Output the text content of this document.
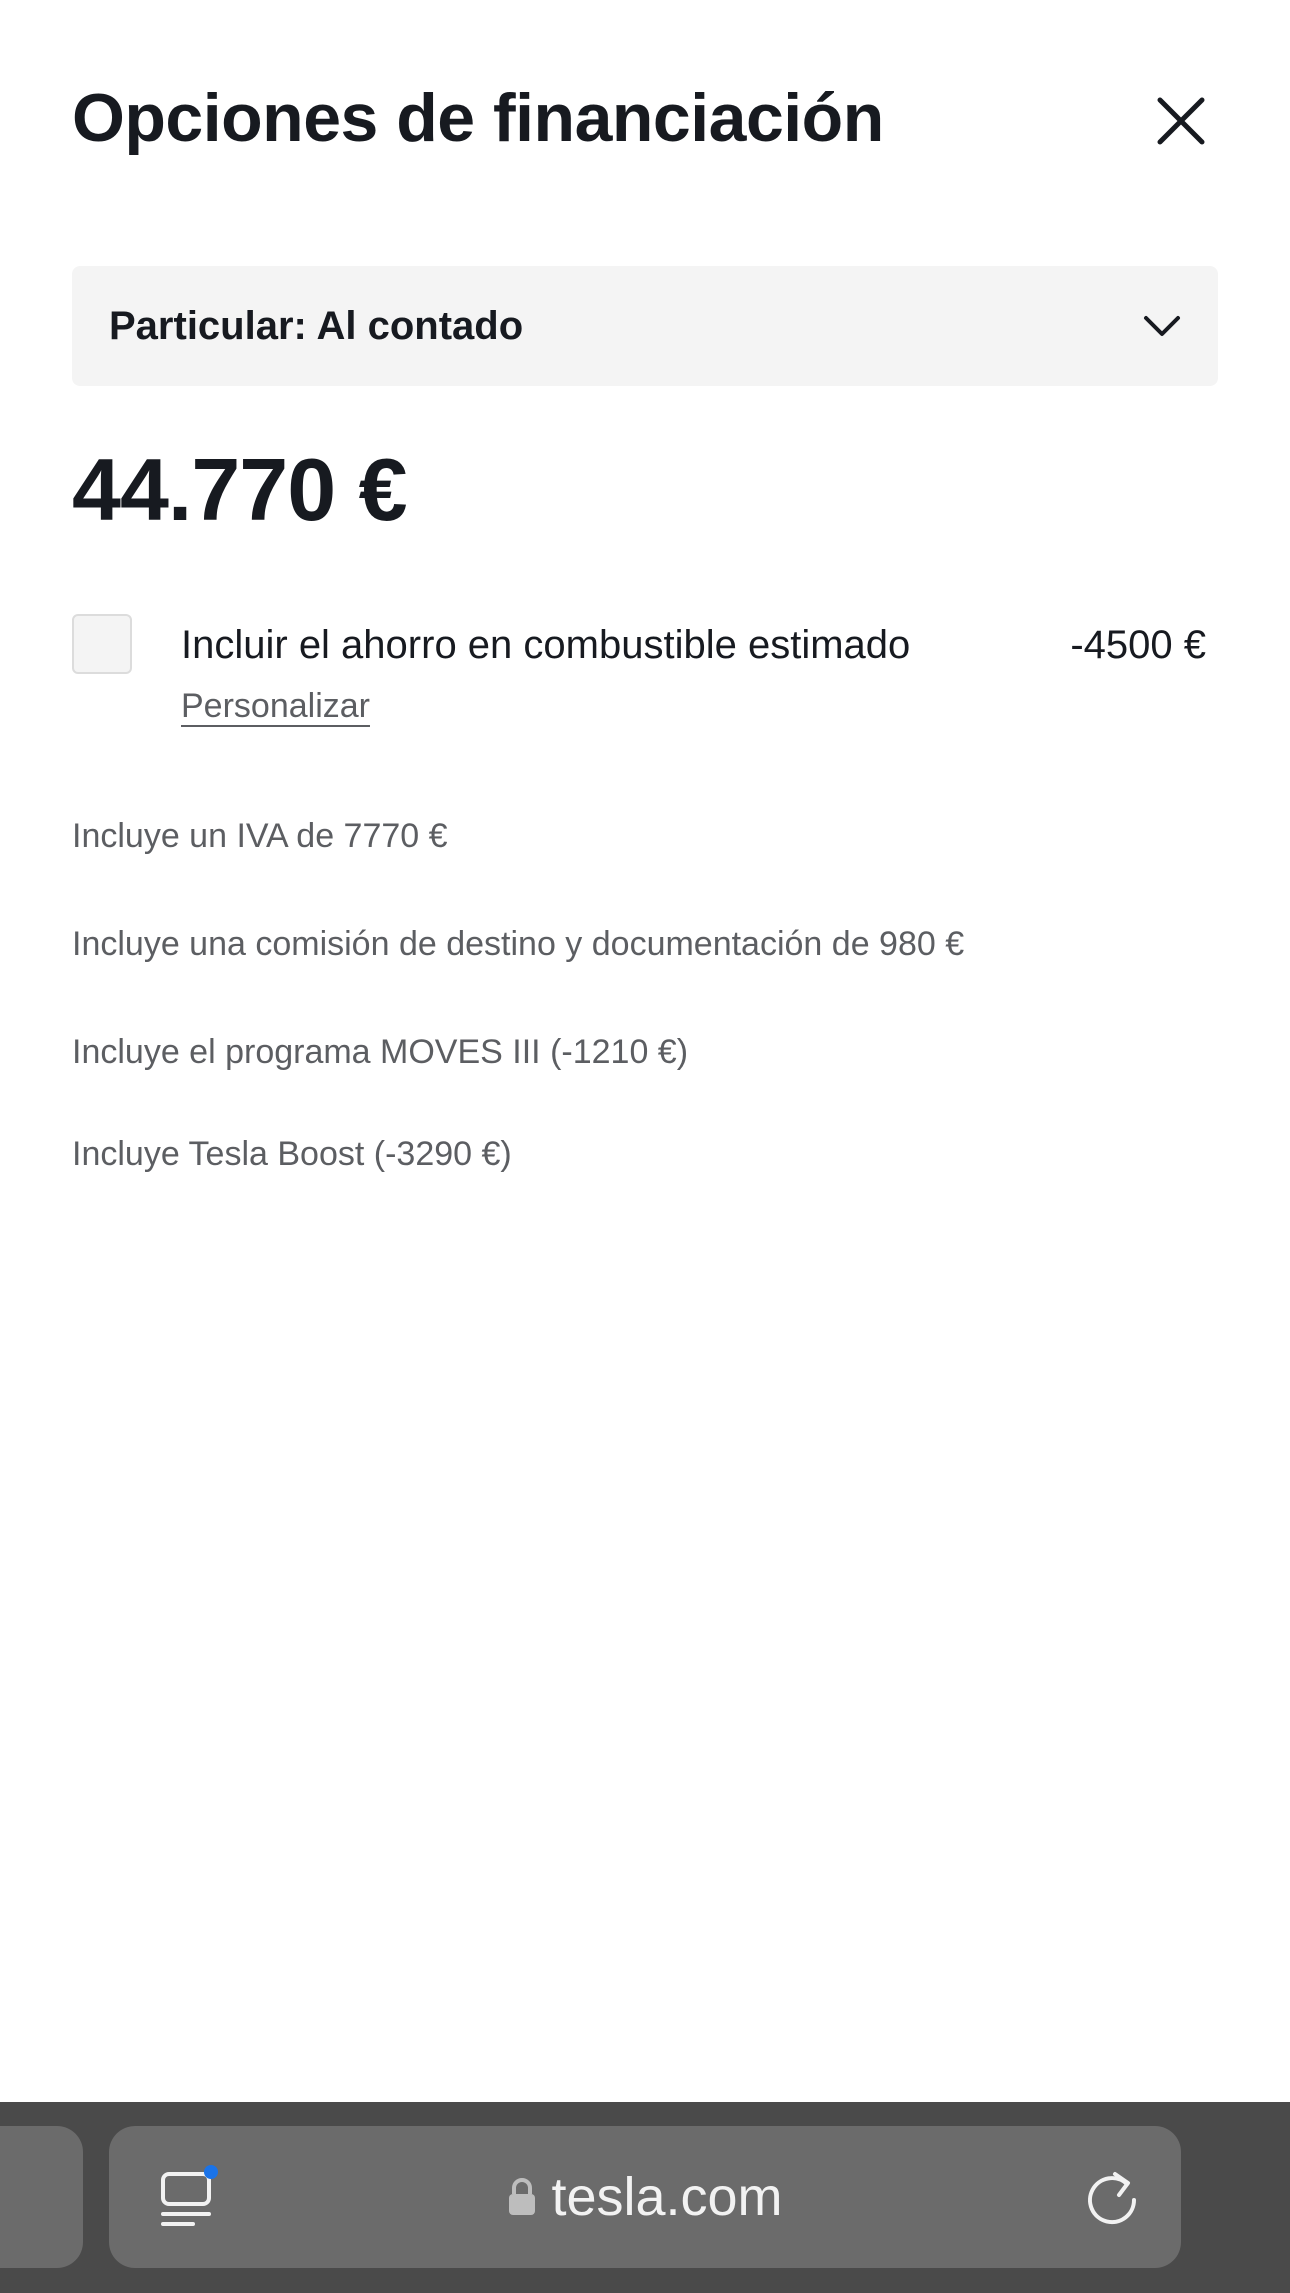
Opciones de financiación
Particular: Al contado
44.770 €
Incluir el ahorro en combustible estimado	-4500 €
Personalizar
Incluye un IVA de 7770 €
Incluye una comisión de destino y documentación de 980 €
Incluye el programa MOVES III (-1210 €)
Incluye Tesla Boost (-3290 €)
tesla.com
